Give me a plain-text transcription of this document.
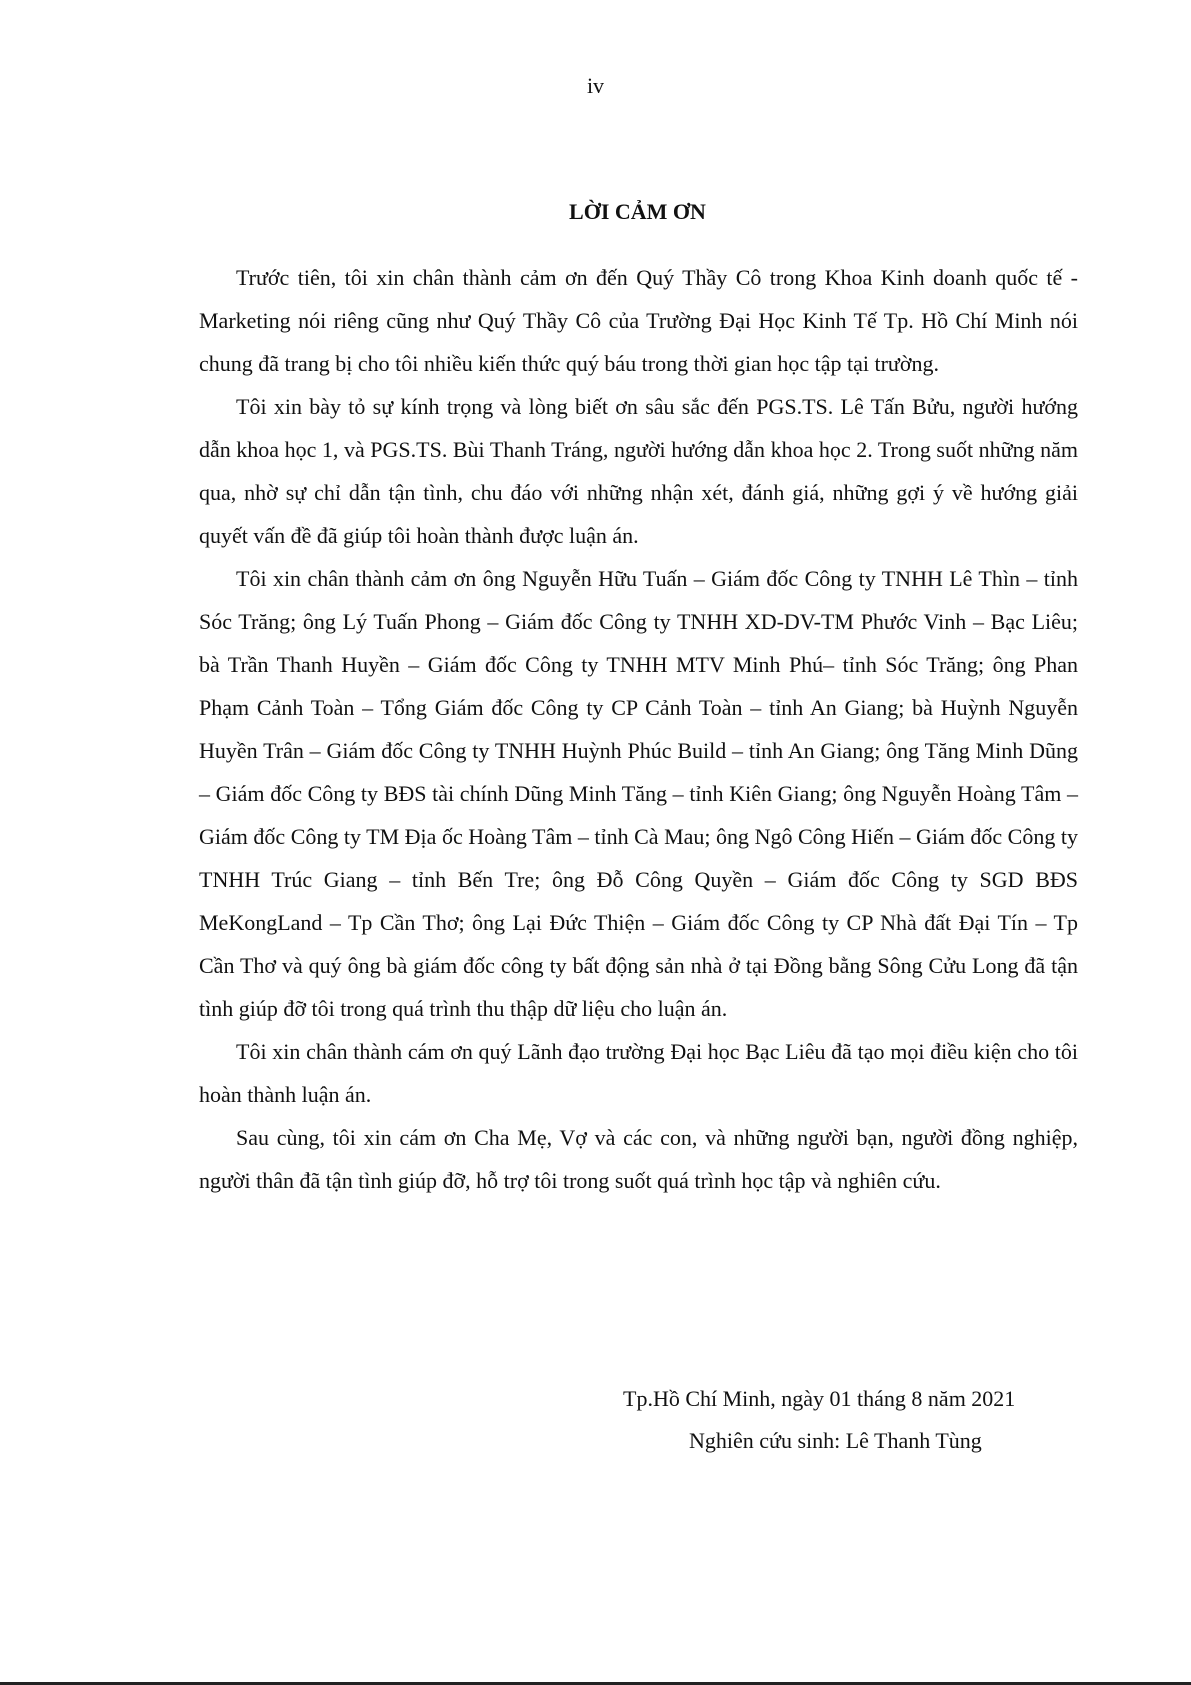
iv
LỜI CẢM ƠN

Trước tiên, tôi xin chân thành cảm ơn đến Quý Thầy Cô trong Khoa Kinh doanh quốc tế - Marketing nói riêng cũng như Quý Thầy Cô của Trường Đại Học Kinh Tế Tp. Hồ Chí Minh nói chung đã trang bị cho tôi nhiều kiến thức quý báu trong thời gian học tập tại trường.

Tôi xin bày tỏ sự kính trọng và lòng biết ơn sâu sắc đến PGS.TS. Lê Tấn Bửu, người hướng dẫn khoa học 1, và PGS.TS. Bùi Thanh Tráng, người hướng dẫn khoa học 2. Trong suốt những năm qua, nhờ sự chỉ dẫn tận tình, chu đáo với những nhận xét, đánh giá, những gợi ý về hướng giải quyết vấn đề đã giúp tôi hoàn thành được luận án.

Tôi xin chân thành cảm ơn ông Nguyễn Hữu Tuấn – Giám đốc Công ty TNHH Lê Thìn – tỉnh Sóc Trăng; ông Lý Tuấn Phong – Giám đốc Công ty TNHH XD-DV-TM Phước Vinh – Bạc Liêu; bà Trần Thanh Huyền – Giám đốc Công ty TNHH MTV Minh Phú– tỉnh Sóc Trăng; ông Phan Phạm Cảnh Toàn – Tổng Giám đốc Công ty CP Cảnh Toàn – tỉnh An Giang; bà Huỳnh Nguyễn Huyền Trân – Giám đốc Công ty TNHH Huỳnh Phúc Build – tỉnh An Giang; ông Tăng Minh Dũng – Giám đốc Công ty BĐS tài chính Dũng Minh Tăng – tỉnh Kiên Giang; ông Nguyễn Hoàng Tâm – Giám đốc Công ty TM Địa ốc Hoàng Tâm – tỉnh Cà Mau; ông Ngô Công Hiến – Giám đốc Công ty TNHH Trúc Giang – tỉnh Bến Tre; ông Đỗ Công Quyền – Giám đốc Công ty SGD BĐS MeKongLand – Tp Cần Thơ; ông Lại Đức Thiện – Giám đốc Công ty CP Nhà đất Đại Tín – Tp Cần Thơ và quý ông bà giám đốc công ty bất động sản nhà ở tại Đồng bằng Sông Cửu Long đã tận tình giúp đỡ tôi trong quá trình thu thập dữ liệu cho luận án.

Tôi xin chân thành cám ơn quý Lãnh đạo trường Đại học Bạc Liêu đã tạo mọi điều kiện cho tôi hoàn thành luận án.

Sau cùng, tôi xin cám ơn Cha Mẹ, Vợ và các con, và những người bạn, người đồng nghiệp, người thân đã tận tình giúp đỡ, hỗ trợ tôi trong suốt quá trình học tập và nghiên cứu.

Tp.Hồ Chí Minh, ngày 01 tháng 8 năm 2021
Nghiên cứu sinh: Lê Thanh Tùng
